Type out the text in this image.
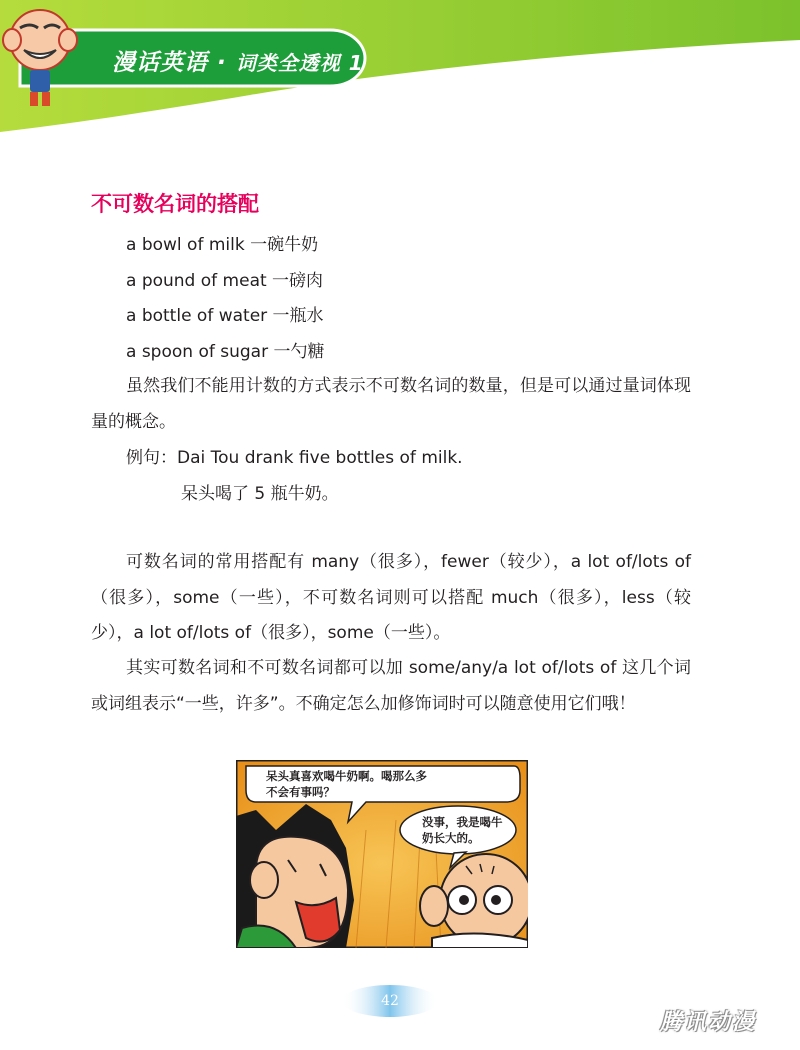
漫话英语 · 词类全透视 1
不可数名词的搭配
a bowl of milk 一碗牛奶
a pound of meat 一磅肉
a bottle of water 一瓶水
a spoon of sugar 一勺糖

虽然我们不能用计数的方式表示不可数名词的数量，但是可以通过量词体现量的概念。

例句：Dai Tou drank five bottles of milk.
呆头喝了 5 瓶牛奶。

可数名词的常用搭配有 many（很多），fewer（较少），a lot of/lots of（很多），some（一些），不可数名词则可以搭配 much（很多），less（较少），a lot of/lots of（很多），some（一些）。

其实可数名词和不可数名词都可以加 some/any/a lot of/lots of 这几个词或词组表示“一些，许多”。不确定怎么加修饰词时可以随意使用它们哦！

呆头真喜欢喝牛奶啊。喝那么多
不会有事吗？
没事，我是喝牛
奶长大的。
42
腾讯动漫
